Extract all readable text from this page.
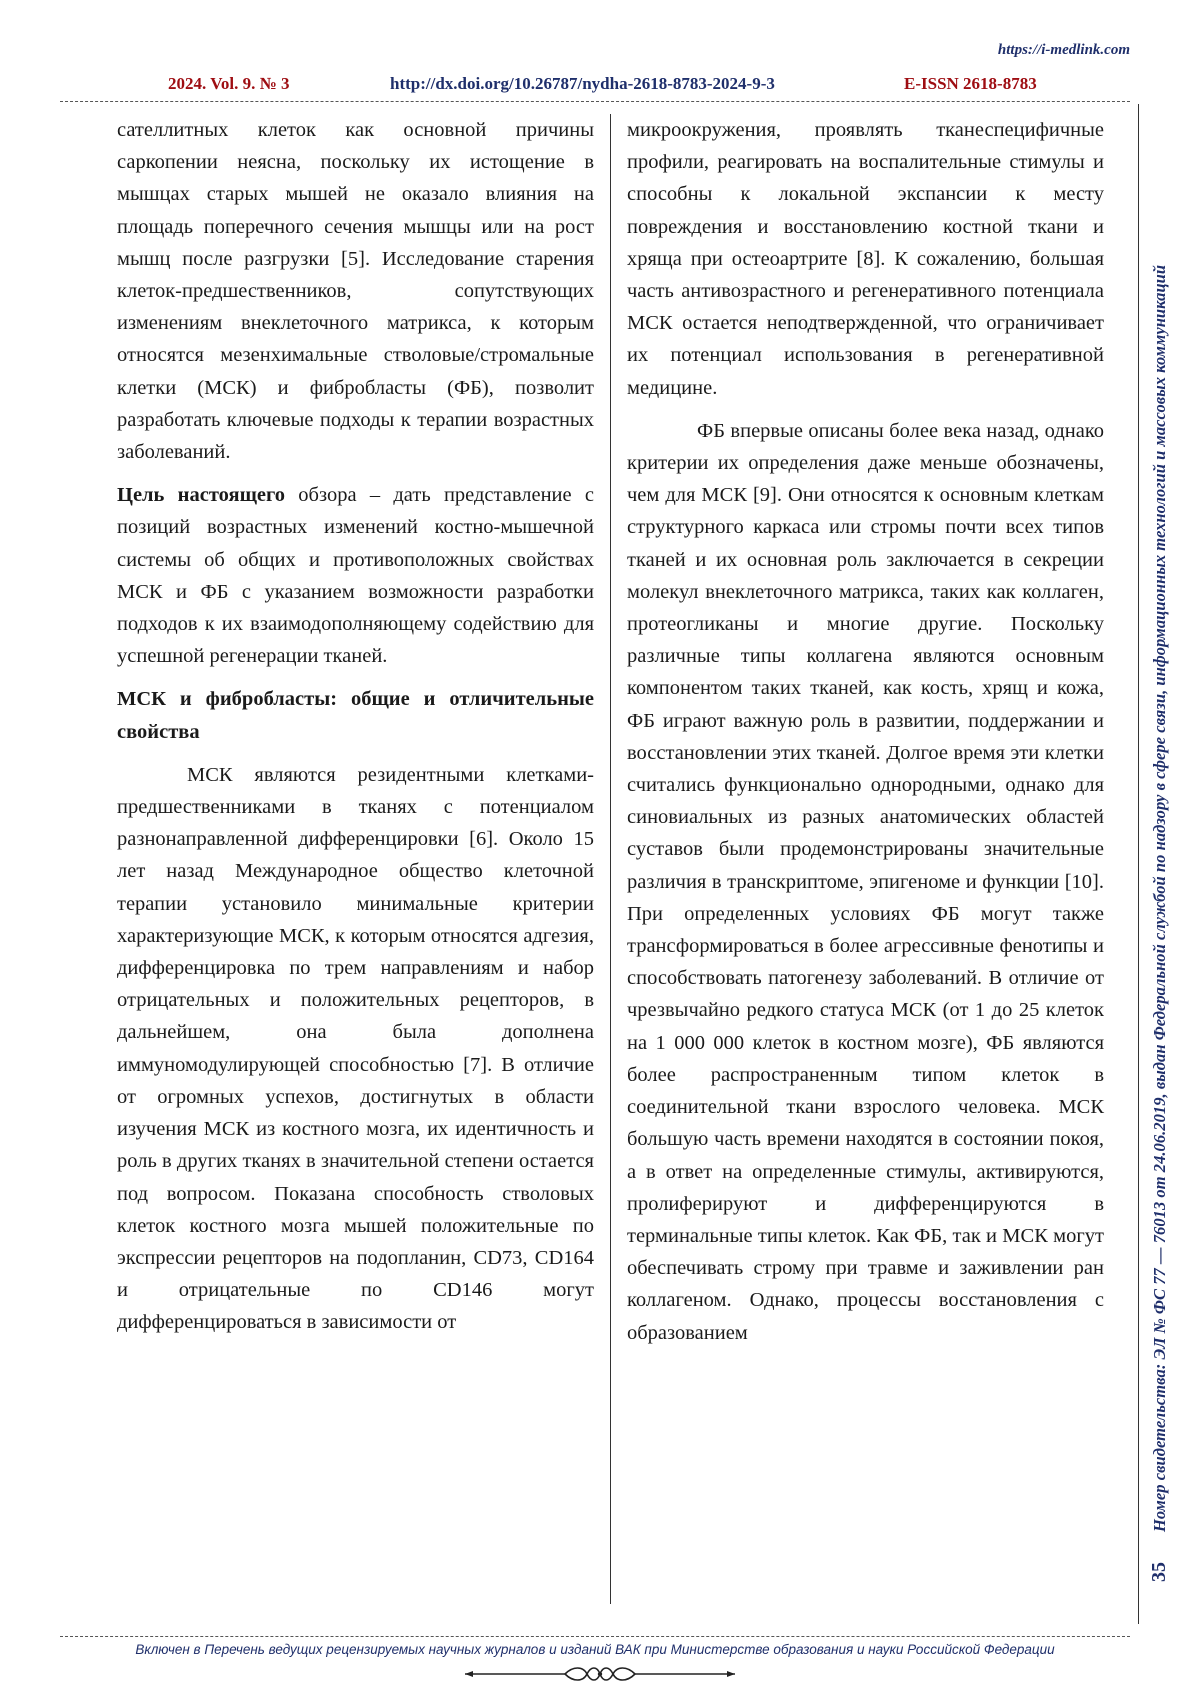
https://i-medlink.com
2024. Vol. 9. № 3	http://dx.doi.org/10.26787/nydha-2618-8783-2024-9-3	E-ISSN 2618-8783

сателлитных клеток как основной причины саркопении неясна, поскольку их истощение в мышцах старых мышей не оказало влияния на площадь поперечного сечения мышцы или на рост мышц после разгрузки [5]. Исследование старения клеток-предшественников, сопутствующих изменениям внеклеточного матрикса, к которым относятся мезенхимальные стволовые/стромальные клетки (МСК) и фибробласты (ФБ), позволит разработать ключевые подходы к терапии возрастных заболеваний.

Цель настоящего обзора – дать представление с позиций возрастных изменений костно-мышечной системы об общих и противоположных свойствах МСК и ФБ с указанием возможности разработки подходов к их взаимодополняющему содействию для успешной регенерации тканей.

МСК и фибробласты: общие и отличительные свойства

МСК являются резидентными клетками-предшественниками в тканях с потенциалом разнонаправленной дифференцировки [6]. Около 15 лет назад Международное общество клеточной терапии установило минимальные критерии характеризующие МСК, к которым относятся адгезия, дифференцировка по трем направлениям и набор отрицательных и положительных рецепторов, в дальнейшем, она была дополнена иммуномодулирующей способностью [7]. В отличие от огромных успехов, достигнутых в области изучения МСК из костного мозга, их идентичность и роль в других тканях в значительной степени остается под вопросом. Показана способность стволовых клеток костного мозга мышей положительные по экспрессии рецепторов на подопланин, CD73, CD164 и отрицательные по CD146 могут дифференцироваться в зависимости от

микроокружения, проявлять тканеспецифичные профили, реагировать на воспалительные стимулы и способны к локальной экспансии к месту повреждения и восстановлению костной ткани и хряща при остеоартрите [8]. К сожалению, большая часть антивозрастного и регенеративного потенциала МСК остается неподтвержденной, что ограничивает их потенциал использования в регенеративной медицине.

ФБ впервые описаны более века назад, однако критерии их определения даже меньше обозначены, чем для МСК [9]. Они относятся к основным клеткам структурного каркаса или стромы почти всех типов тканей и их основная роль заключается в секреции молекул внеклеточного матрикса, таких как коллаген, протеогликаны и многие другие. Поскольку различные типы коллагена являются основным компонентом таких тканей, как кость, хрящ и кожа, ФБ играют важную роль в развитии, поддержании и восстановлении этих тканей. Долгое время эти клетки считались функционально однородными, однако для синовиальных из разных анатомических областей суставов были продемонстрированы значительные различия в транскриптоме, эпигеноме и функции [10]. При определенных условиях ФБ могут также трансформироваться в более агрессивные фенотипы и способствовать патогенезу заболеваний. В отличие от чрезвычайно редкого статуса МСК (от 1 до 25 клеток на 1 000 000 клеток в костном мозге), ФБ являются более распространенным типом клеток в соединительной ткани взрослого человека. МСК большую часть времени находятся в состоянии покоя, а в ответ на определенные стимулы, активируются, пролиферируют и дифференцируются в терминальные типы клеток. Как ФБ, так и МСК могут обеспечивать строму при травме и заживлении ран коллагеном. Однако, процессы восстановления с образованием

35
Номер свидетельства: ЭЛ № ФС 77 — 76013 от 24.06.2019, выдан Федеральной службой по надзору в сфере связи, информационных технологий и массовых коммуникаций
Включен в Перечень ведущих рецензируемых научных журналов и изданий ВАК при Министерстве образования и науки Российской Федерации
